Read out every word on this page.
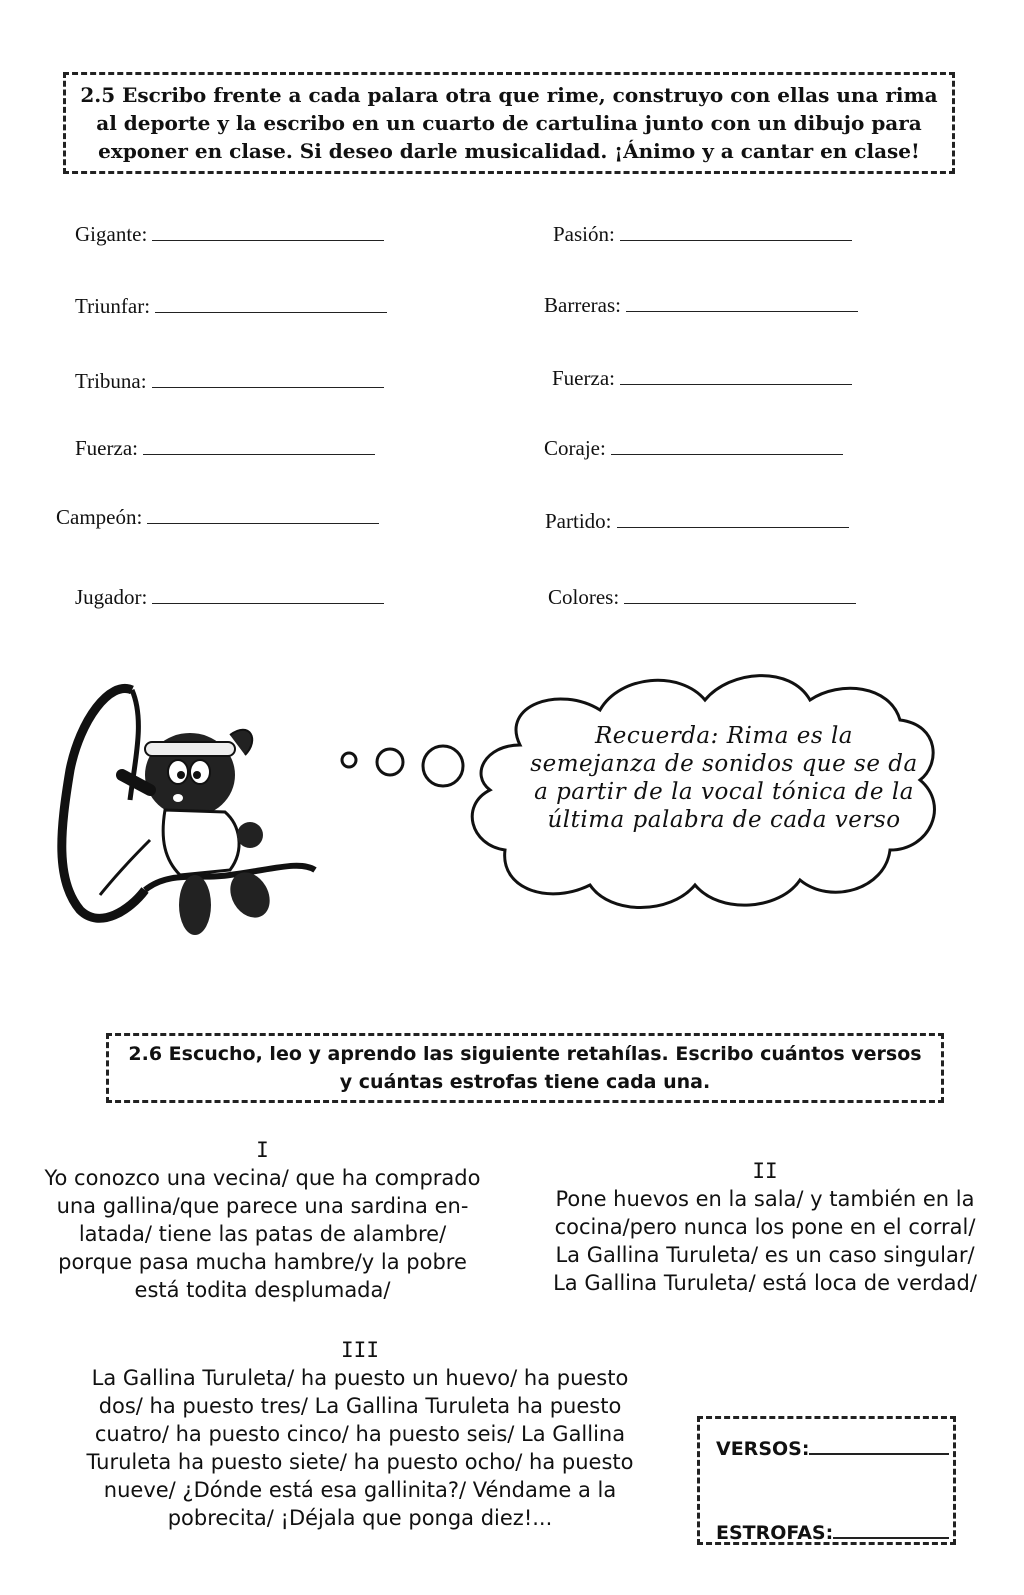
2.5 Escribo frente a cada palara otra que rime, construyo con ellas una rima al deporte y la escribo en un cuarto de cartulina junto con un dibujo para exponer en clase. Si deseo darle musicalidad. ¡Ánimo y a cantar en clase!
Gigante:
Triunfar:
Tribuna:
Fuerza:
Campeón:
Jugador:
Pasión:
Barreras:
Fuerza:
Coraje:
Partido:
Colores:
Recuerda: Rima es la semejanza de sonidos que se da a partir de la vocal tónica de la última palabra de cada verso
2.6 Escucho, leo y aprendo las siguiente retahílas. Escribo cuántos versos y cuántas estrofas tiene cada una.
I
Yo conozco una vecina/ que ha comprado una gallina/que parece una sardina en-latada/ tiene las patas de alambre/ porque pasa mucha hambre/y la pobre está todita desplumada/
II
Pone huevos en la sala/ y también en la cocina/pero nunca los pone en el corral/ La Gallina Turuleta/ es un caso singular/ La Gallina Turuleta/ está loca de verdad/
III
La Gallina Turuleta/ ha puesto un huevo/ ha puesto dos/ ha puesto tres/ La Gallina Turuleta ha puesto cuatro/ ha puesto cinco/ ha puesto seis/ La Gallina Turuleta ha puesto siete/ ha puesto ocho/ ha puesto nueve/ ¿Dónde está esa gallinita?/ Véndame a la pobrecita/ ¡Déjala que ponga diez!...
VERSOS:
ESTROFAS:
